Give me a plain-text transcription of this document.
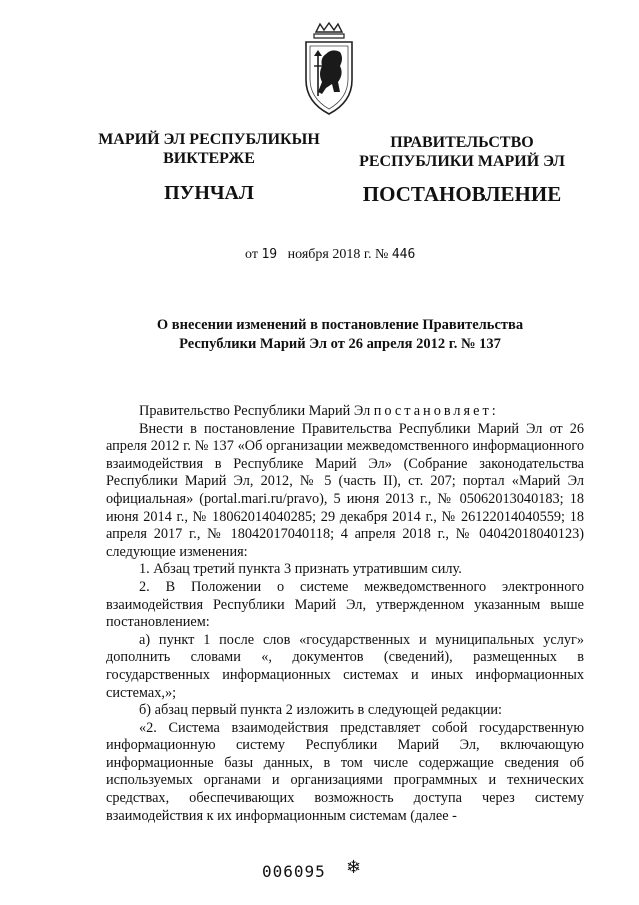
МАРИЙ ЭЛ РЕСПУБЛИКЫН
ВИКТЕРЖЕ
ПУНЧАЛ
ПРАВИТЕЛЬСТВО
РЕСПУБЛИКИ МАРИЙ ЭЛ
ПОСТАНОВЛЕНИЕ
от 19 ноября 2018 г. № 446
О внесении изменений в постановление Правительства
Республики Марий Эл от 26 апреля 2012 г. № 137

Правительство Республики Марий Эл постановляет:

Внести в постановление Правительства Республики Марий Эл от 26 апреля 2012 г. № 137 «Об организации межведомственного информационного взаимодействия в Республике Марий Эл» (Собрание законодательства Республики Марий Эл, 2012, № 5 (часть II), ст. 207; портал «Марий Эл официальная» (portal.mari.ru/pravo), 5 июня 2013 г., № 05062013040183; 18 июня 2014 г., № 18062014040285; 29 декабря 2014 г., № 26122014040559; 18 апреля 2017 г., № 18042017040118; 4 апреля 2018 г., № 04042018040123) следующие изменения:

1. Абзац третий пункта 3 признать утратившим силу.

2. В Положении о системе межведомственного электронного взаимодействия Республики Марий Эл, утвержденном указанным выше постановлением:

а) пункт 1 после слов «государственных и муниципальных услуг» дополнить словами «, документов (сведений), размещенных в государственных информационных системах и иных информационных системах,»;

б) абзац первый пункта 2 изложить в следующей редакции:

«2. Система взаимодействия представляет собой государственную информационную систему Республики Марий Эл, включающую информационные базы данных, в том числе содержащие сведения об используемых органами и организациями программных и технических средствах, обеспечивающих возможность доступа через систему взаимодействия к их информационным системам (далее -

006095 ❄
